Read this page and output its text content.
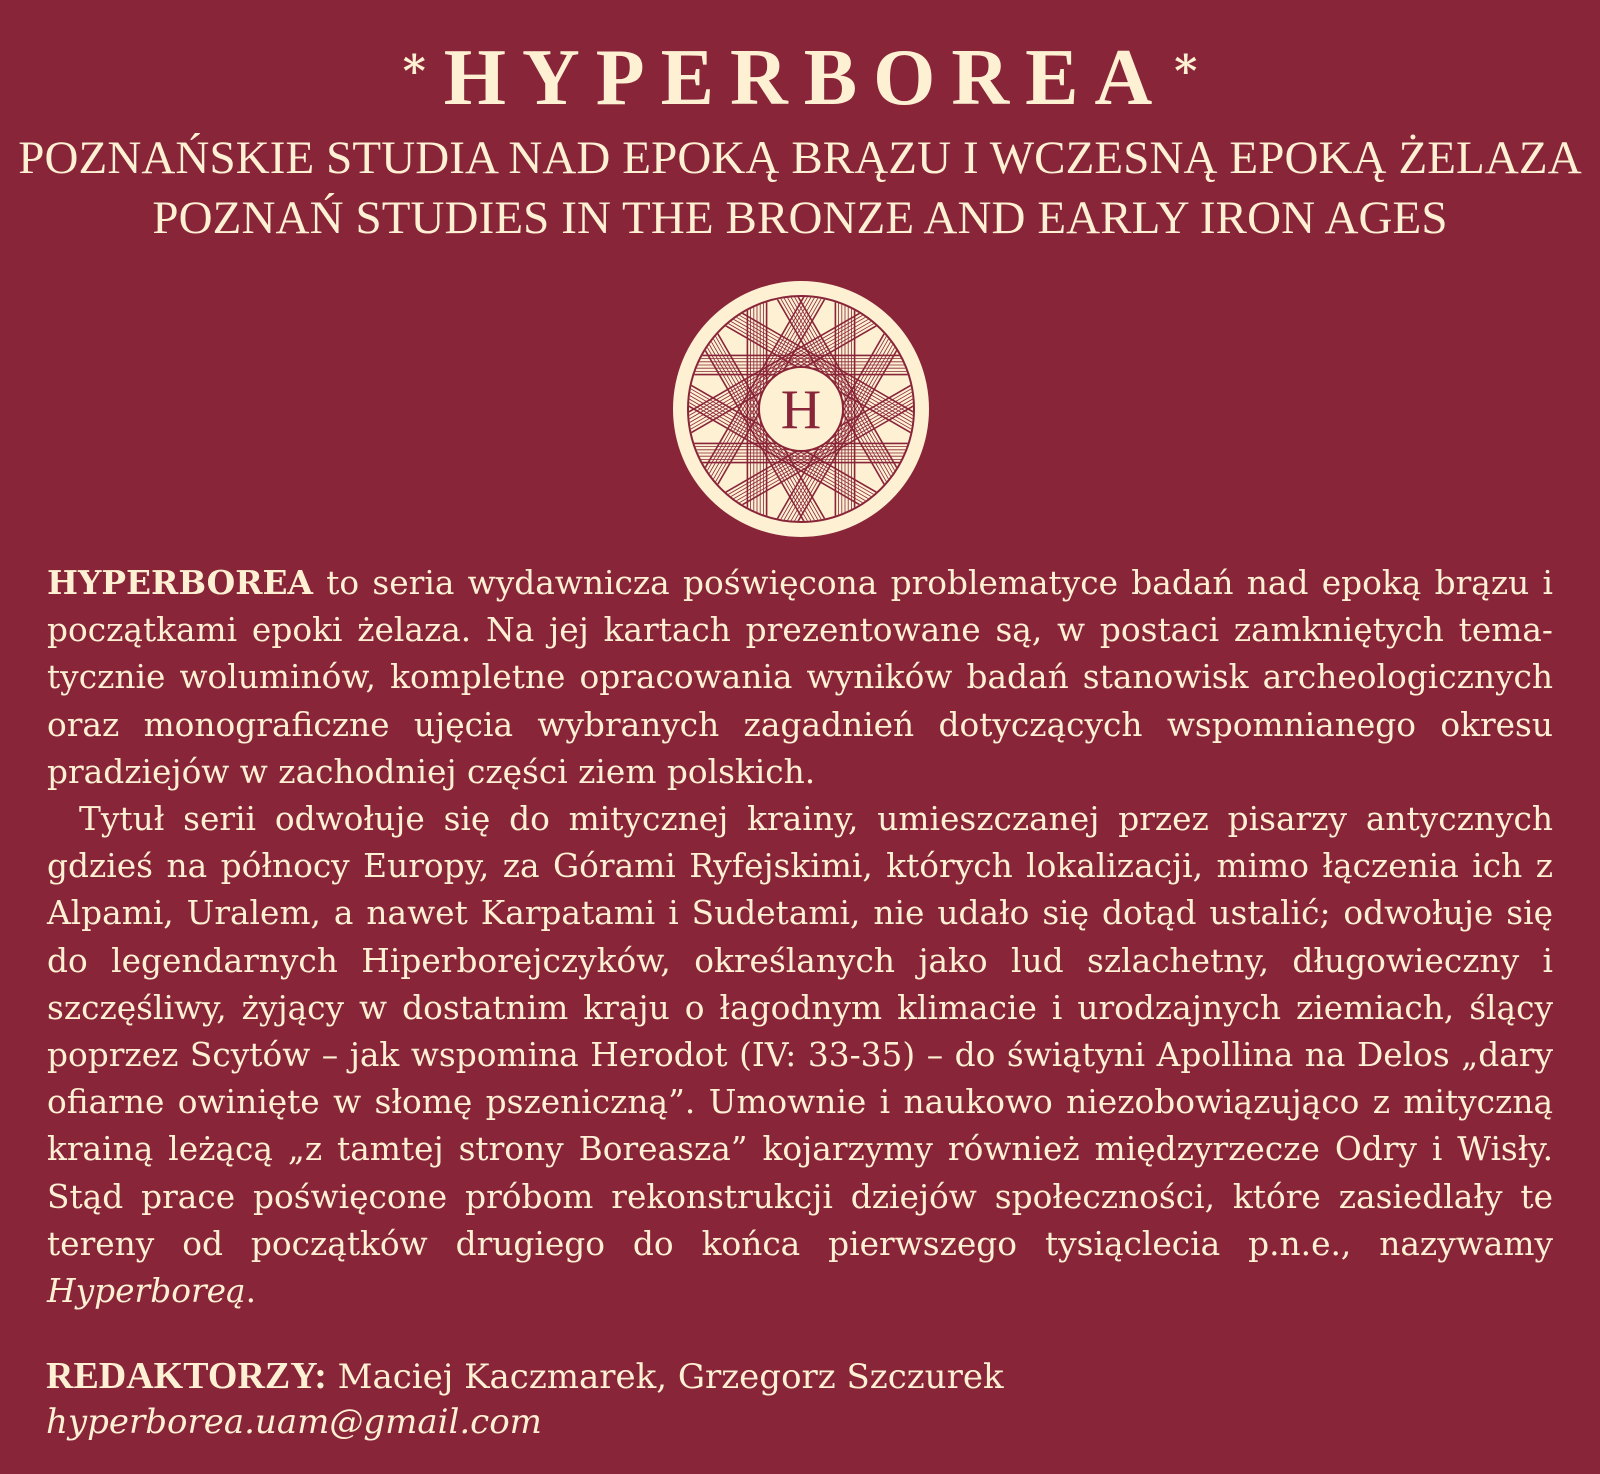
* HYPERBOREA *
POZNAŃSKIE STUDIA NAD EPOKĄ BRĄZU I WCZESNĄ EPOKĄ ŻELAZA
POZNAŃ STUDIES IN THE BRONZE AND EARLY IRON AGES
H

HYPERBOREA to seria wydawnicza poświęcona problematyce badań nad epoką brązu i początkami epoki żelaza. Na jej kartach prezentowane są, w postaci zamkniętych tematycznie woluminów, kompletne opracowania wyników badań stanowisk archeologicznych oraz monograficzne ujęcia wybranych zagadnień dotyczących wspomnianego okresu pradziejów w zachodniej części ziem polskich.

Tytuł serii odwołuje się do mitycznej krainy, umieszczanej przez pisarzy antycznych gdzieś na północy Europy, za Górami Ryfejskimi, których lokalizacji, mimo łączenia ich z Alpami, Uralem, a nawet Karpatami i Sudetami, nie udało się dotąd ustalić; odwołuje się do legendarnych Hiperborejczyków, określanych jako lud szlachetny, długowieczny i szczęśliwy, żyjący w dostatnim kraju o łagodnym klimacie i urodzajnych ziemiach, ślący poprzez Scytów – jak wspomina Herodot (IV: 33-35) – do świątyni Apollina na Delos „dary ofiarne owinięte w słomę pszeniczną”. Umownie i naukowo niezobowiązująco z mityczną krainą leżącą „z tamtej strony Boreasza” kojarzymy również międzyrzecze Odry i Wisły. Stąd prace poświęcone próbom rekonstrukcji dziejów społeczności, które zasiedlały te tereny od początków drugiego do końca pierwszego tysiąclecia p.n.e., nazywamy Hyperboreą.

REDAKTORZY: Maciej Kaczmarek, Grzegorz Szczurek
hyperborea.uam@gmail.com
